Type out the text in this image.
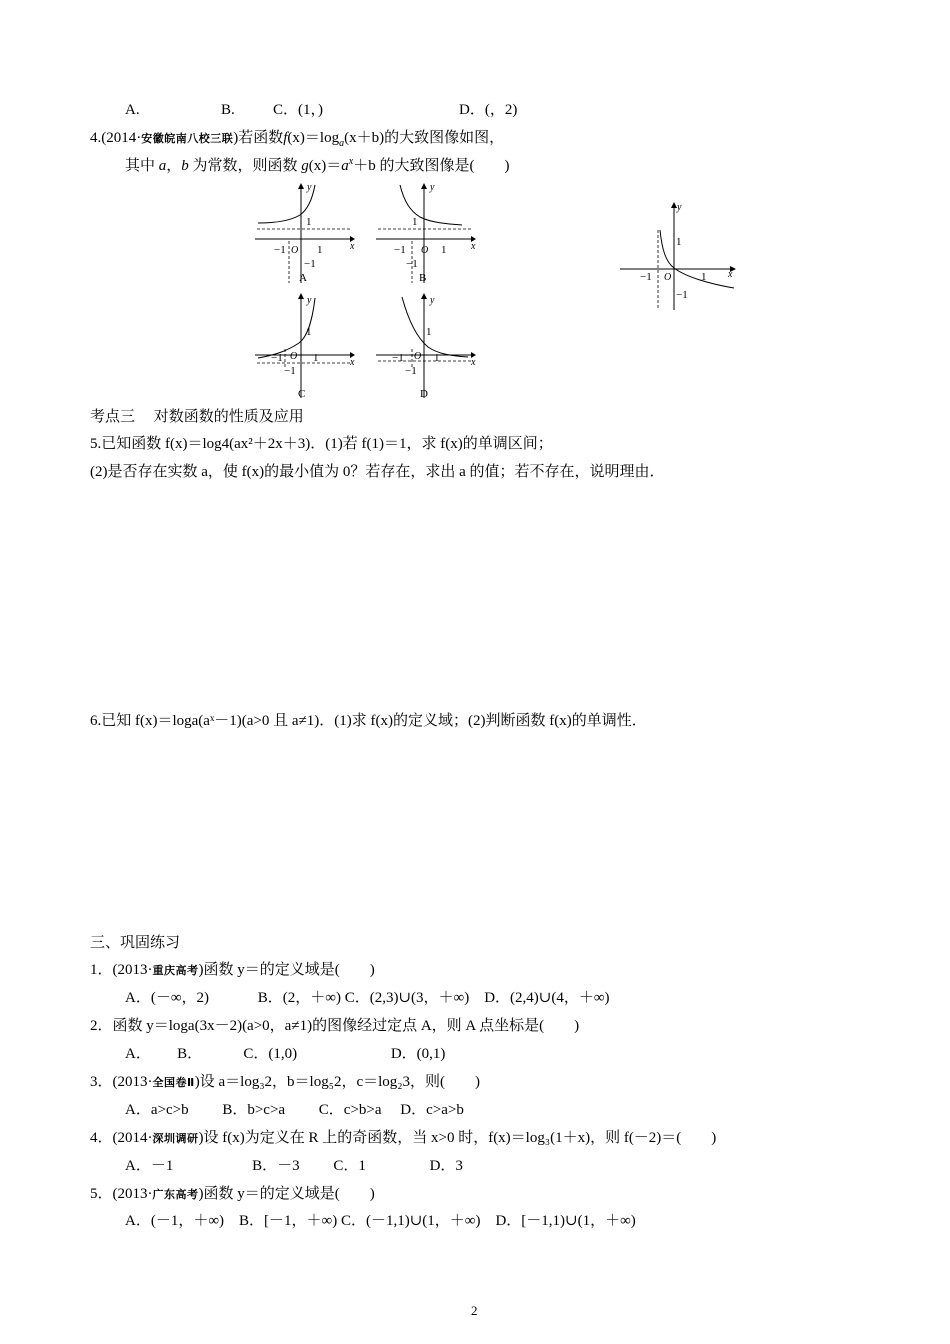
A.	B.	C．(1，)	D．(，2)
4.(2014·安徽皖南八校三联)若函数$f(x)=\log_a(x+b)$的大致图像如图，
其中 a，b 为常数，则函数 $g(x)=a^x+b$ 的大致图像是(　　)
y
x
1
−1 O 1
−1
A
y
x
1
−1 O 1
−1
B
y
x
1
−1 O 1
−1
C
y
x
1
−1 O 1
−1
D
y
x
1
−1 O	1
−1
考点三　 对数函数的性质及应用
5.已知函数 f(x)＝log4(ax²＋2x＋3)．(1)若 f(1)＝1，求 f(x)的单调区间；
(2)是否存在实数 a，使 f(x)的最小值为 0？若存在，求出 a 的值；若不存在，说明理由．
6.已知 f(x)＝loga(aˣ－1)(a>0 且 a≠1)．(1)求 f(x)的定义域；(2)判断函数 f(x)的单调性．
三、巩固练习
1．(2013·重庆高考)函数 y＝的定义域是(　　)
A．(－∞，2)　　　 B．(2，＋∞) C．(2,3)∪(3，＋∞)　D．(2,4)∪(4，＋∞)
2．函数 y＝loga(3x－2)(a>0，a≠1)的图像经过定点 A，则 A 点坐标是(　　)
A．　　 B．　　　 C．(1,0)　　　　　　 D．(0,1)
3．(2013·全国卷Ⅱ)设 a＝log₃2，b＝log₅2，c＝log₂3，则(　　)
A．a>c>b　　 B．b>c>a　　 C．c>b>a　 D．c>a>b
4．(2014·深圳调研)设 f(x)为定义在 R 上的奇函数，当 x>0 时，f(x)＝log₃(1＋x)，则 f(－2)＝(　　)
A．－1　　　　　 B．－3　　 C．1　　　　 D．3
5．(2013·广东高考)函数 y＝的定义域是(　　)
A．(－1，＋∞)　B．[－1，＋∞) C．(－1,1)∪(1，＋∞)　D．[－1,1)∪(1，＋∞)
2
